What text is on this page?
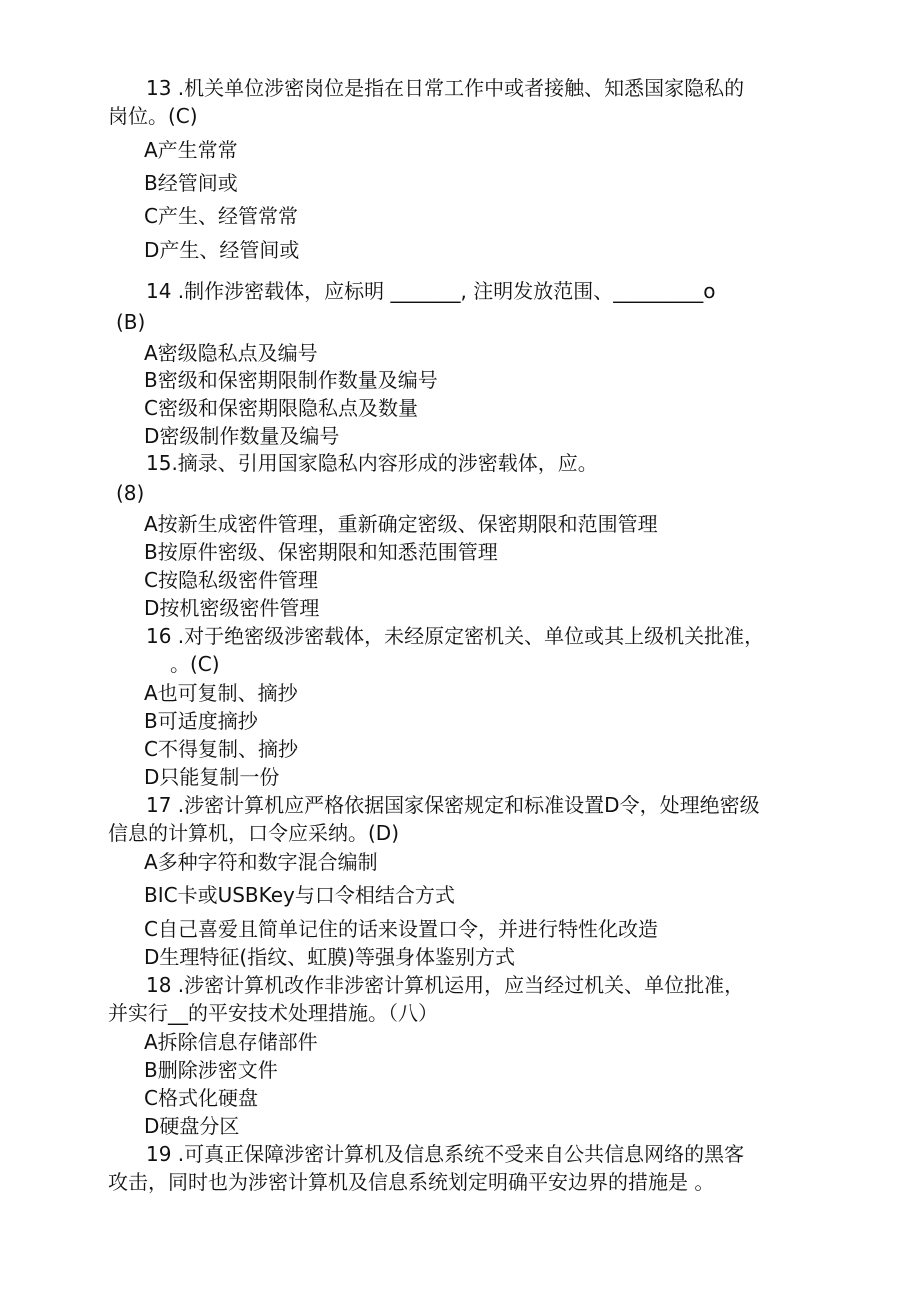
13 .机关单位涉密岗位是指在日常工作中或者接触、知悉国家隐私的
岗位。(C)
A产生常常
B经管间或
C产生、经管常常
D产生、经管间或
14 .制作涉密载体，应标明 _______, 注明发放范围、_________o
(B)
A密级隐私点及编号
B密级和保密期限制作数量及编号
C密级和保密期限隐私点及数量
D密级制作数量及编号
15.摘录、引用国家隐私内容形成的涉密载体，应。
(8)
A按新生成密件管理，重新确定密级、保密期限和范围管理
B按原件密级、保密期限和知悉范围管理
C按隐私级密件管理
D按机密级密件管理
16 .对于绝密级涉密载体，未经原定密机关、单位或其上级机关批准，
。(C)
A也可复制、摘抄
B可适度摘抄
C不得复制、摘抄
D只能复制一份
17 .涉密计算机应严格依据国家保密规定和标准设置D令，处理绝密级
信息的计算机，口令应采纳。(D)
A多种字符和数字混合编制
BIC卡或USBKey与口令相结合方式
C自己喜爱且简单记住的话来设置口令，并进行特性化改造
D生理特征(指纹、虹膜)等强身体鉴别方式
18 .涉密计算机改作非涉密计算机运用，应当经过机关、单位批准，
并实行__的平安技术处理措施。（八）
A拆除信息存储部件
B删除涉密文件
C格式化硬盘
D硬盘分区
19 .可真正保障涉密计算机及信息系统不受来自公共信息网络的黑客
攻击，同时也为涉密计算机及信息系统划定明确平安边界的措施是 。
